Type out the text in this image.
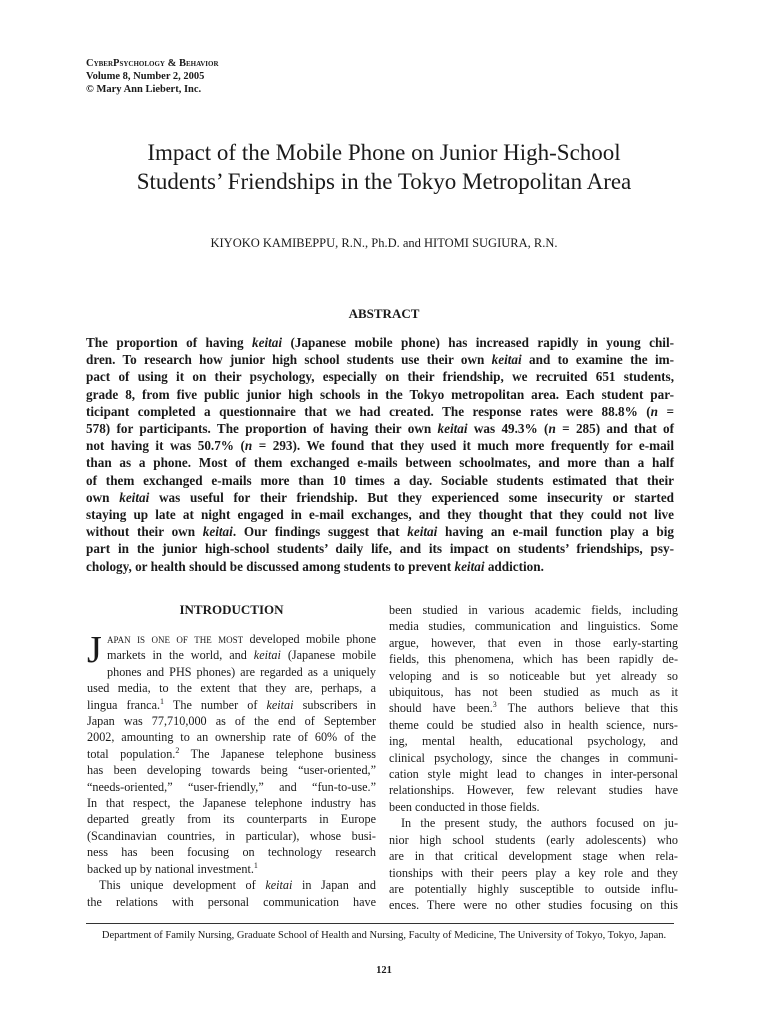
CyberPsychology & Behavior
Volume 8, Number 2, 2005
© Mary Ann Liebert, Inc.
Impact of the Mobile Phone on Junior High-School
Students’ Friendships in the Tokyo Metropolitan Area
KIYOKO KAMIBEPPU, R.N., Ph.D. and HITOMI SUGIURA, R.N.
ABSTRACT
The proportion of having keitai (Japanese mobile phone) has increased rapidly in young chil-
dren. To research how junior high school students use their own keitai and to examine the im-
pact of using it on their psychology, especially on their friendship, we recruited 651 students,
grade 8, from five public junior high schools in the Tokyo metropolitan area. Each student par-
ticipant completed a questionnaire that we had created. The response rates were 88.8% (n =
578) for participants. The proportion of having their own keitai was 49.3% (n = 285) and that of
not having it was 50.7% (n = 293). We found that they used it much more frequently for e-mail
than as a phone. Most of them exchanged e-mails between schoolmates, and more than a half
of them exchanged e-mails more than 10 times a day. Sociable students estimated that their
own keitai was useful for their friendship. But they experienced some insecurity or started
staying up late at night engaged in e-mail exchanges, and they thought that they could not live
without their own keitai. Our findings suggest that keitai having an e-mail function play a big
part in the junior high-school students’ daily life, and its impact on students’ friendships, psy-
chology, or health should be discussed among students to prevent keitai addiction.
INTRODUCTION
J apan is one of the most developed mobile phone
markets in the world, and keitai (Japanese mobile
phones and PHS phones) are regarded as a uniquely
used media, to the extent that they are, perhaps, a
lingua franca.$^1$ The number of keitai subscribers in
Japan was 77,710,000 as of the end of September
2002, amounting to an ownership rate of 60% of the
total population.$^2$ The Japanese telephone business
has been developing towards being “user-oriented,”
“needs-oriented,” “user-friendly,” and “fun-to-use.”
In that respect, the Japanese telephone industry has
departed greatly from its counterparts in Europe
(Scandinavian countries, in particular), whose busi-
ness has been focusing on technology research
backed up by national investment.$^1$
This unique development of keitai in Japan and
the relations with personal communication have
been studied in various academic fields, including
media studies, communication and linguistics. Some
argue, however, that even in those early-starting
fields, this phenomena, which has been rapidly de-
veloping and is so noticeable but yet already so
ubiquitous, has not been studied as much as it
should have been.$^3$ The authors believe that this
theme could be studied also in health science, nurs-
ing, mental health, educational psychology, and
clinical psychology, since the changes in communi-
cation style might lead to changes in inter-personal
relationships. However, few relevant studies have
been conducted in those fields.
In the present study, the authors focused on ju-
nior high school students (early adolescents) who
are in that critical development stage when rela-
tionships with their peers play a key role and they
are potentially highly susceptible to outside influ-
ences. There were no other studies focusing on this
Department of Family Nursing, Graduate School of Health and Nursing, Faculty of Medicine, The University of Tokyo, Tokyo, Japan.
121
